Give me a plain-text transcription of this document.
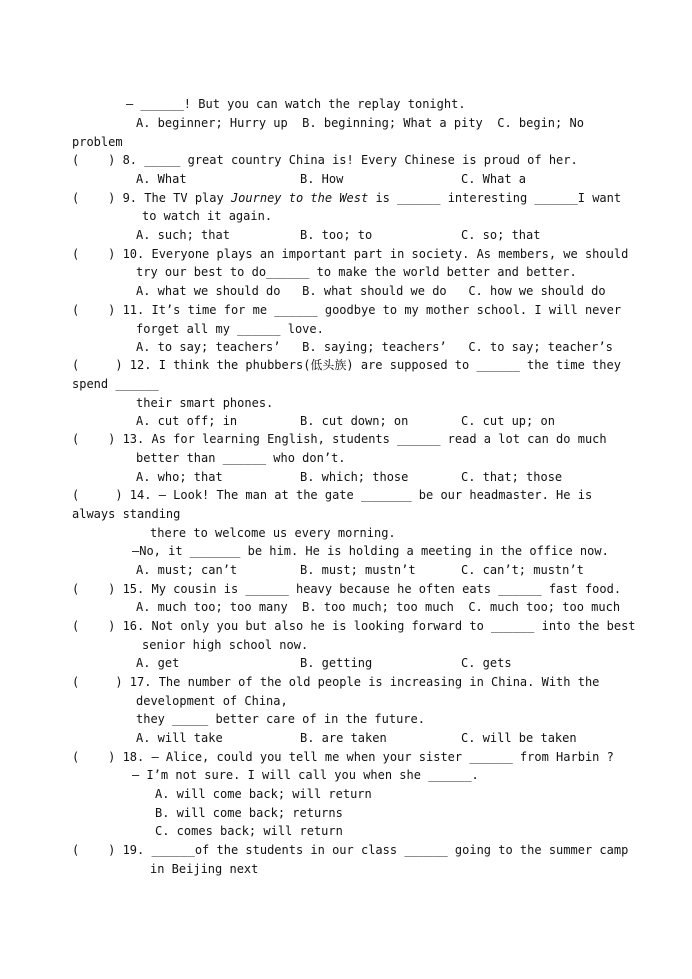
— ______! But you can watch the replay tonight.
A. beginner; Hurry up  B. beginning; What a pity  C. begin; No
problem
(    ) 8. _____ great country China is! Every Chinese is proud of her.
A. What	B. How	C. What a
(    ) 9. The TV play Journey to the West is ______ interesting ______I want
to watch it again.
A. such; that	B. too; to	C. so; that
(    ) 10. Everyone plays an important part in society. As members, we should
try our best to do______ to make the world better and better.
A. what we should do   B. what should we do   C. how we should do
(    ) 11. It’s time for me ______ goodbye to my mother school. I will never
forget all my ______ love.
A. to say; teachers’   B. saying; teachers’   C. to say; teacher’s
(     ) 12. I think the phubbers(低头族) are supposed to ______ the time they
spend ______
their smart phones.
A. cut off; in	B. cut down; on	C. cut up; on
(    ) 13. As for learning English, students ______ read a lot can do much
better than ______ who don’t.
A. who; that	B. which; those	C. that; those
(     ) 14. — Look! The man at the gate _______ be our headmaster. He is
always standing
there to welcome us every morning.
—No, it _______ be him. He is holding a meeting in the office now.
A. must; can’t	B. must; mustn’t	C. can’t; mustn’t
(    ) 15. My cousin is ______ heavy because he often eats ______ fast food.
A. much too; too many  B. too much; too much  C. much too; too much
(    ) 16. Not only you but also he is looking forward to ______ into the best
senior high school now.
A. get	B. getting	C. gets
(     ) 17. The number of the old people is increasing in China. With the
development of China,
they _____ better care of in the future.
A. will take	B. are taken	C. will be taken
(    ) 18. — Alice, could you tell me when your sister ______ from Harbin ?
— I’m not sure. I will call you when she ______.
A. will come back; will return
B. will come back; returns
C. comes back; will return
(    ) 19. ______of the students in our class ______ going to the summer camp
in Beijing next
